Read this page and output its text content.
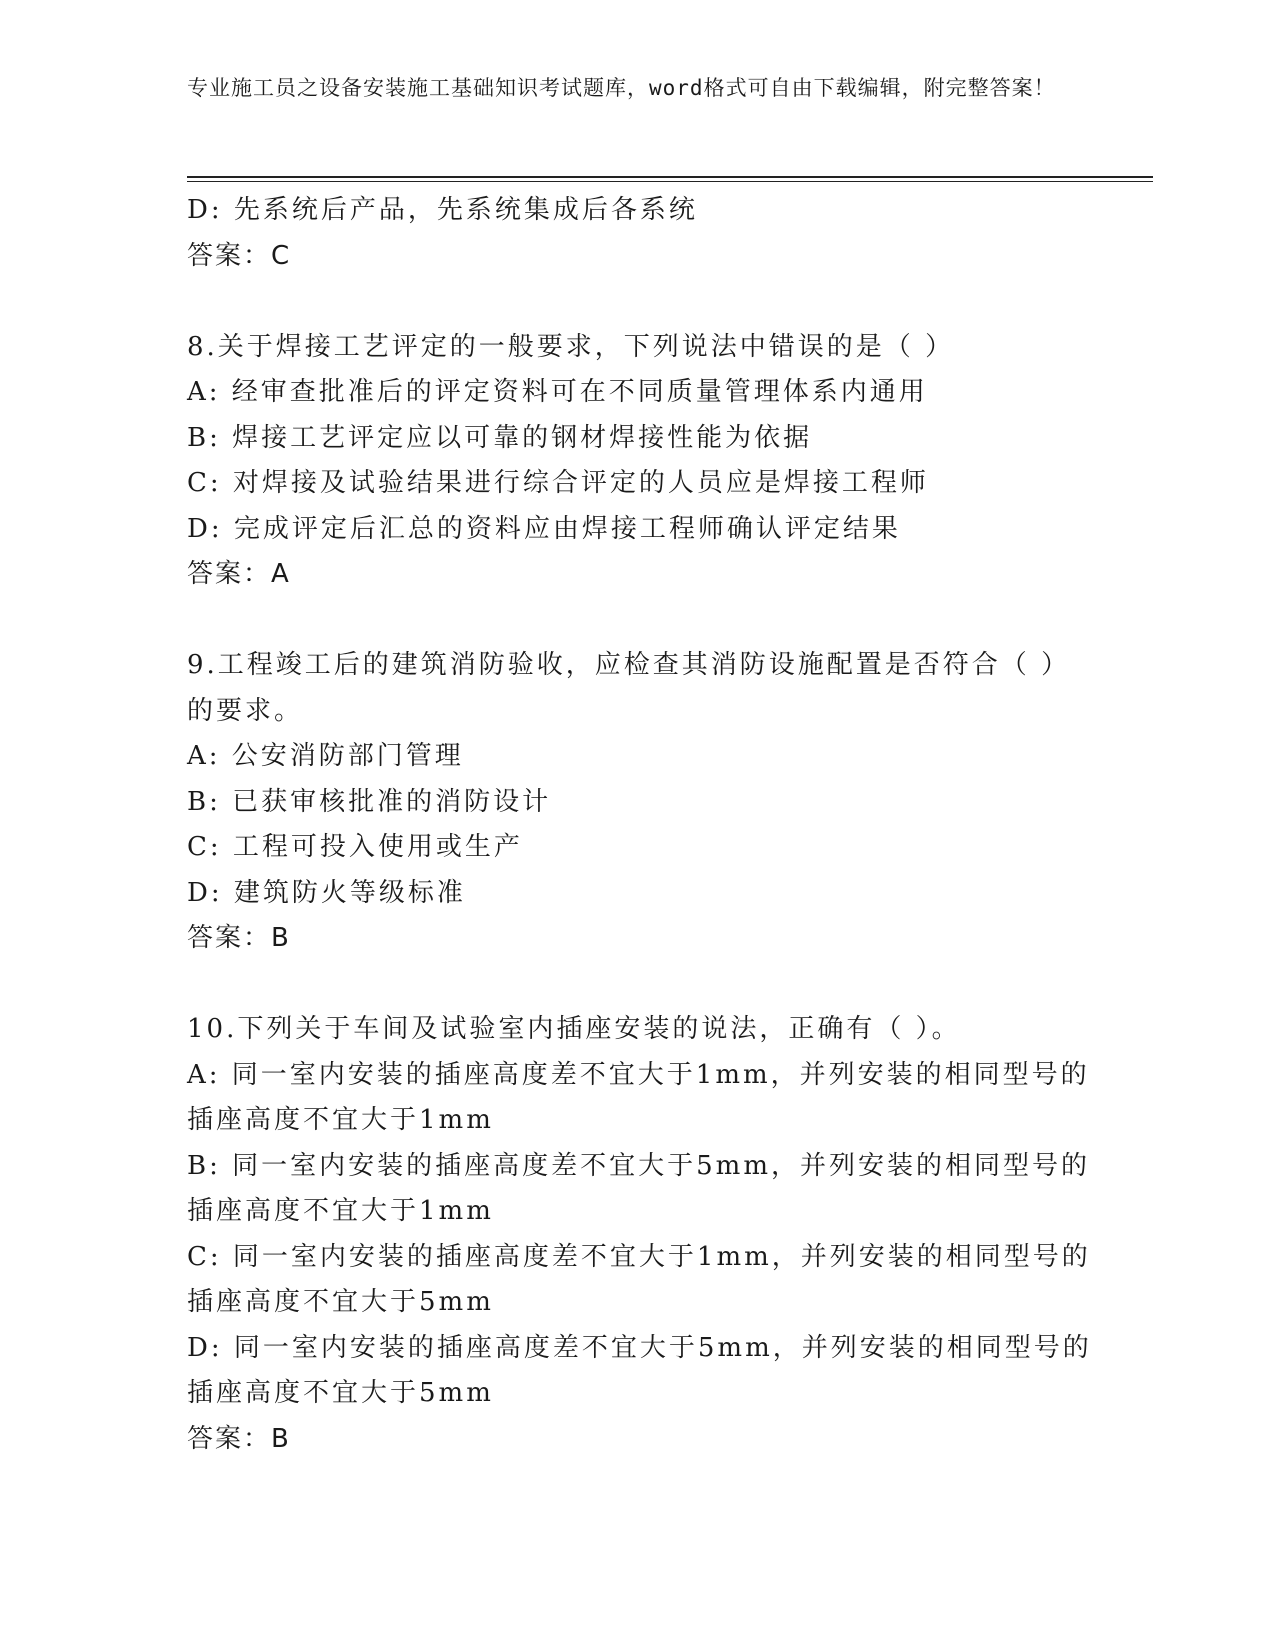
专业施工员之设备安装施工基础知识考试题库，word格式可自由下载编辑，附完整答案！
D: 先系统后产品，先系统集成后各系统
答案：C
8.关于焊接工艺评定的一般要求，下列说法中错误的是（ ）
A: 经审查批准后的评定资料可在不同质量管理体系内通用
B: 焊接工艺评定应以可靠的钢材焊接性能为依据
C: 对焊接及试验结果进行综合评定的人员应是焊接工程师
D: 完成评定后汇总的资料应由焊接工程师确认评定结果
答案：A
9.工程竣工后的建筑消防验收，应检查其消防设施配置是否符合（ ）
的要求。
A: 公安消防部门管理
B: 已获审核批准的消防设计
C: 工程可投入使用或生产
D: 建筑防火等级标准
答案：B
10.下列关于车间及试验室内插座安装的说法，正确有（ ）。
A: 同一室内安装的插座高度差不宜大于1mm，并列安装的相同型号的
插座高度不宜大于1mm
B: 同一室内安装的插座高度差不宜大于5mm，并列安装的相同型号的
插座高度不宜大于1mm
C: 同一室内安装的插座高度差不宜大于1mm，并列安装的相同型号的
插座高度不宜大于5mm
D: 同一室内安装的插座高度差不宜大于5mm，并列安装的相同型号的
插座高度不宜大于5mm
答案：B
